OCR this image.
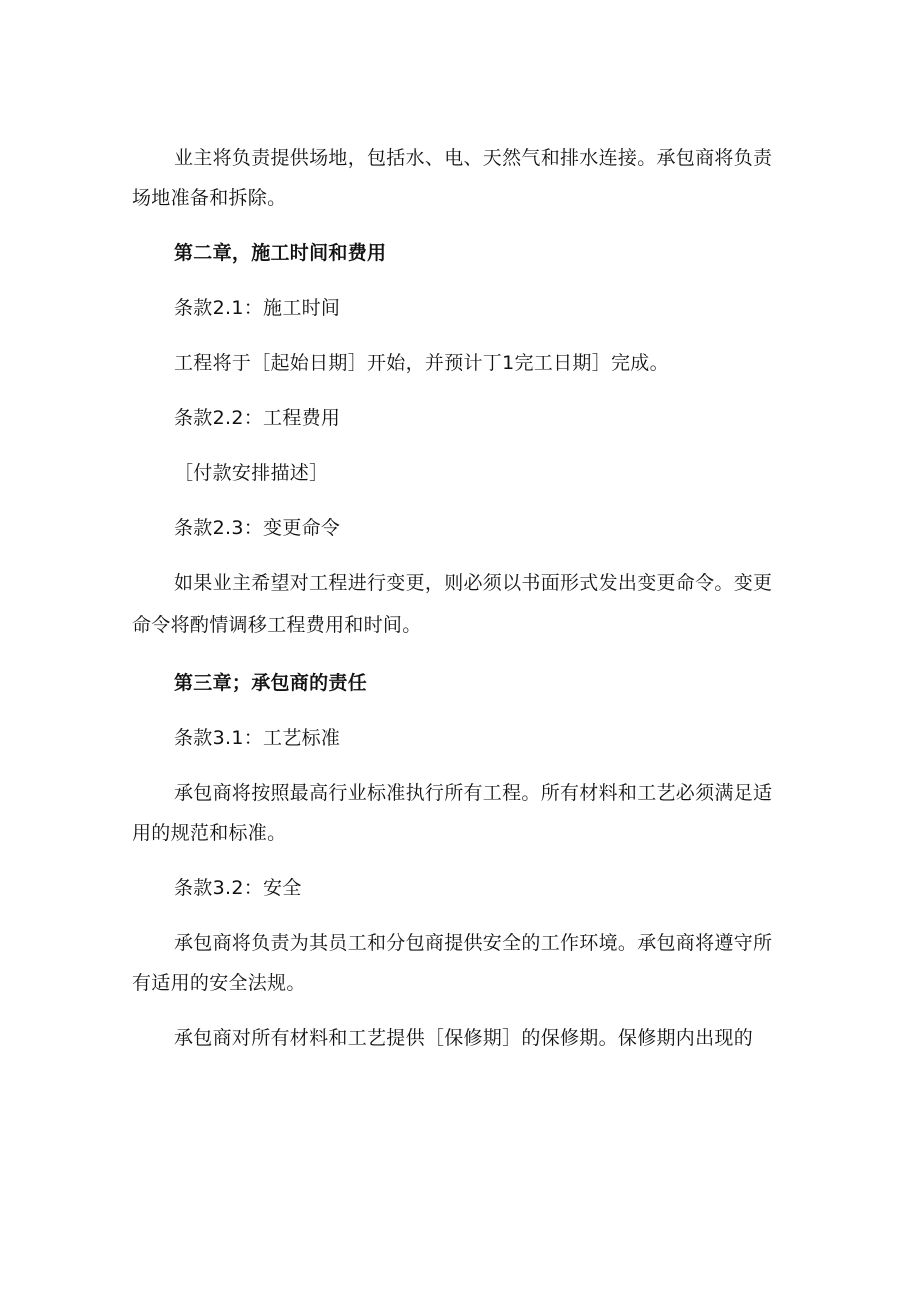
业主将负责提供场地，包括水、电、天然气和排水连接。承包商将负责
场地准备和拆除。
第二章，施工时间和费用
条款2.1：施工时间
工程将于［起始日期］开始，并预计丁1完工日期］完成。
条款2.2：工程费用
［付款安排描述］
条款2.3：变更命令
如果业主希望对工程进行变更，则必须以书面形式发出变更命令。变更
命令将酌情调移工程费用和时间。
第三章；承包商的责任
条款3.1：工艺标准
承包商将按照最高行业标准执行所有工程。所有材料和工艺必须满足适
用的规范和标准。
条款3.2：安全
承包商将负责为其员工和分包商提供安全的工作环境。承包商将遵守所
有适用的安全法规。
承包商对所有材料和工艺提供［保修期］的保修期。保修期内出现的
